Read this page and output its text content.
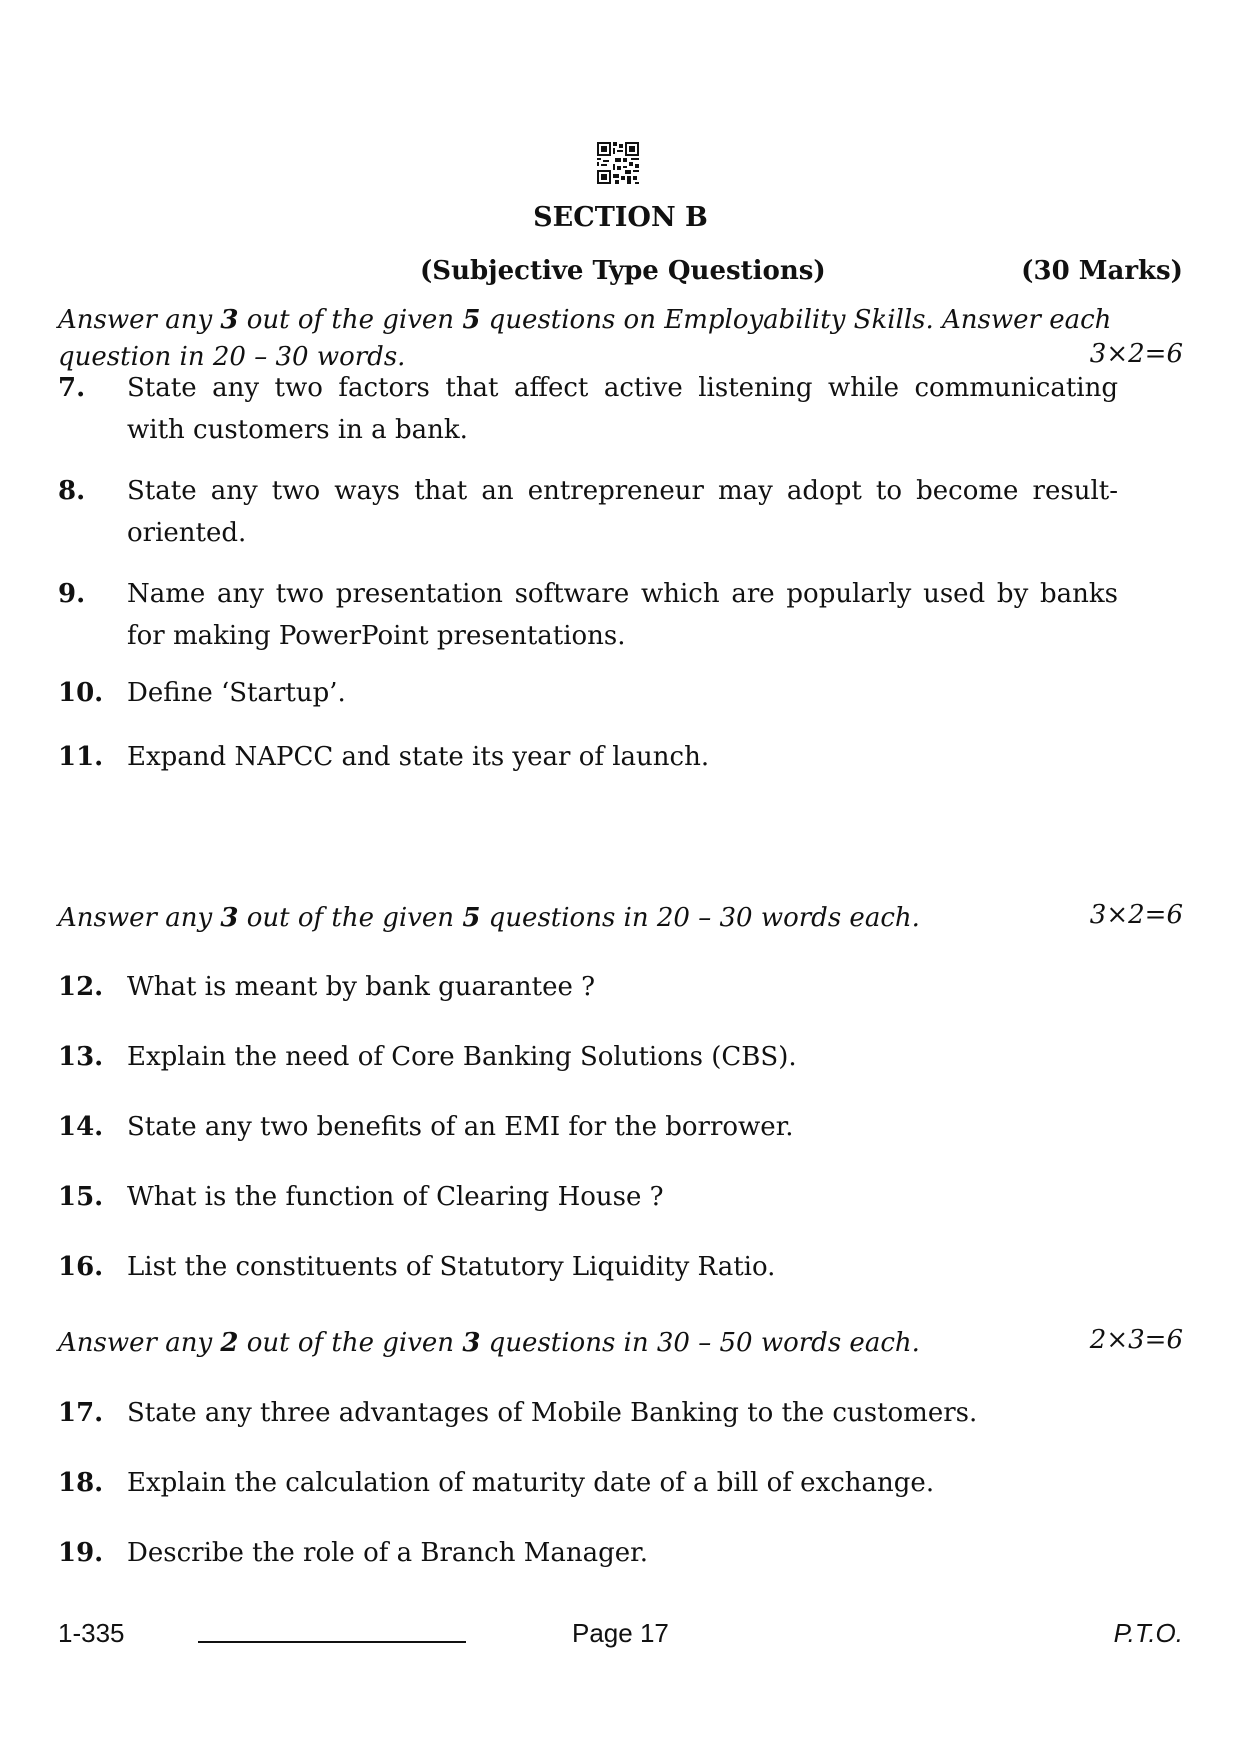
SECTION B
(Subjective Type Questions)	(30 Marks)
Answer any 3 out of the given 5 questions on Employability Skills. Answer each question in 20 – 30 words.	3×2=6
7. State any two factors that affect active listening while communicating with customers in a bank.
8. State any two ways that an entrepreneur may adopt to become result-oriented.
9. Name any two presentation software which are popularly used by banks for making PowerPoint presentations.
10. Define ‘Startup’.
11. Expand NAPCC and state its year of launch.
Answer any 3 out of the given 5 questions in 20 – 30 words each.	3×2=6
12. What is meant by bank guarantee ?
13. Explain the need of Core Banking Solutions (CBS).
14. State any two benefits of an EMI for the borrower.
15. What is the function of Clearing House ?
16. List the constituents of Statutory Liquidity Ratio.
Answer any 2 out of the given 3 questions in 30 – 50 words each.	2×3=6
17. State any three advantages of Mobile Banking to the customers.
18. Explain the calculation of maturity date of a bill of exchange.
19. Describe the role of a Branch Manager.
1-335	Page 17	P.T.O.
